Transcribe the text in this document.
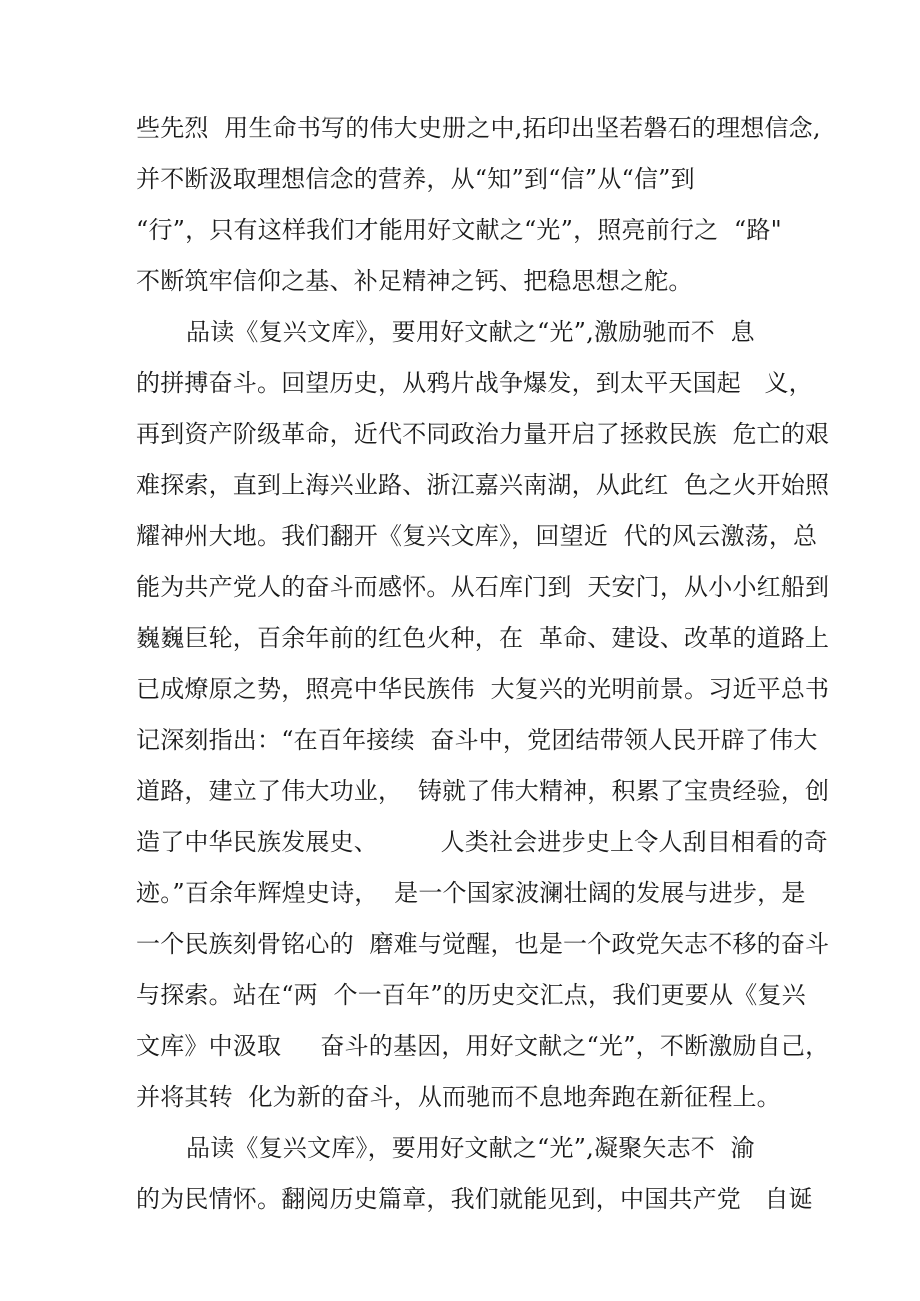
些先烈  用生命书写的伟大史册之中,拓印出坚若磐石的理想信念,
并不断汲取理想信念的营养，从“知”到“信”从“信”到
“行”，只有这样我们才能用好文献之“光”，照亮前行之  “路"
不断筑牢信仰之基、补足精神之钙、把稳思想之舵。
品读《复兴文库》，要用好文献之“光”,激励驰而不  息
的拼搏奋斗。回望历史，从鸦片战争爆发，到太平天国起   义，
再到资产阶级革命，近代不同政治力量开启了拯救民族  危亡的艰
难探索，直到上海兴业路、浙江嘉兴南湖，从此红  色之火开始照
耀神州大地。我们翻开《复兴文库》，回望近  代的风云激荡，总
能为共产党人的奋斗而感怀。从石库门到  天安门，从小小红船到
巍巍巨轮，百余年前的红色火种，在  革命、建设、改革的道路上
已成燎原之势，照亮中华民族伟  大复兴的光明前景。习近平总书
记深刻指出：“在百年接续  奋斗中，党团结带领人民开辟了伟大
道路，建立了伟大功业，  铸就了伟大精神，积累了宝贵经验，创
造了中华民族发展史、        人类社会进步史上令人刮目相看的奇
迹。”百余年辉煌史诗，  是一个国家波澜壮阔的发展与进步，是
一个民族刻骨铭心的  磨难与觉醒，也是一个政党矢志不移的奋斗
与探索。站在“两  个一百年”的历史交汇点，我们更要从《复兴
文库》中汲取     奋斗的基因，用好文献之“光”，不断激励自己，
并将其转  化为新的奋斗，从而驰而不息地奔跑在新征程上。
品读《复兴文库》，要用好文献之“光”,凝聚矢志不  渝
的为民情怀。翻阅历史篇章，我们就能见到，中国共产党   自诞
